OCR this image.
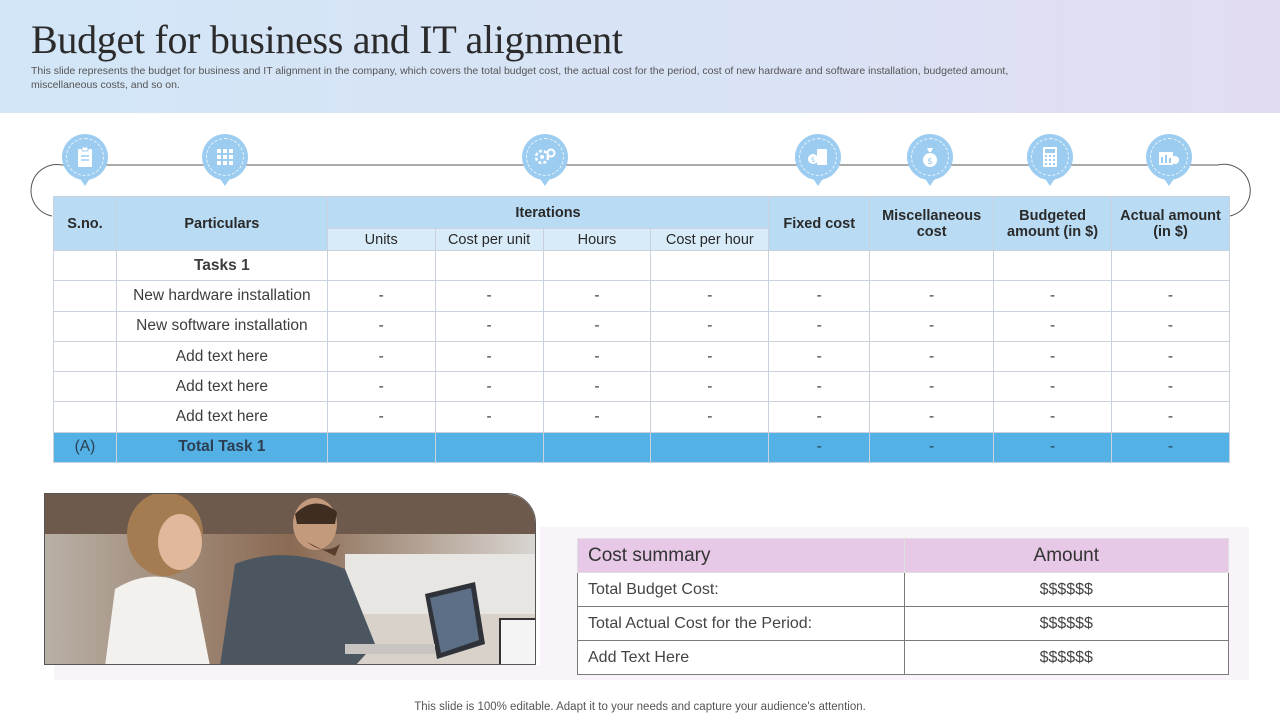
Budget for business and IT alignment
This slide represents the budget for business and IT alignment in the company, which covers the total budget cost, the actual cost for the period, cost of new hardware and software installation, budgeted amount, miscellaneous costs, and so on.
$	$
S.no.	Particulars	Iterations				Fixed cost	Miscellaneous cost	Budgeted amount (in $)	Actual amount (in $)
		Units	Cost per unit	Hours	Cost per hour				
	Tasks 1								
	New hardware installation	-	-	-	-	-	-	-	-
	New software installation	-	-	-	-	-	-	-	-
	Add text here	-	-	-	-	-	-	-	-
	Add text here	-	-	-	-	-	-	-	-
	Add text here	-	-	-	-	-	-	-	-
(A)	Total Task 1					-	-	-	-
Cost summary	Amount
Total Budget Cost:	$$$$$$
Total Actual Cost for the Period:	$$$$$$
Add Text Here	$$$$$$
This slide is 100% editable. Adapt it to your needs and capture your audience's attention.
